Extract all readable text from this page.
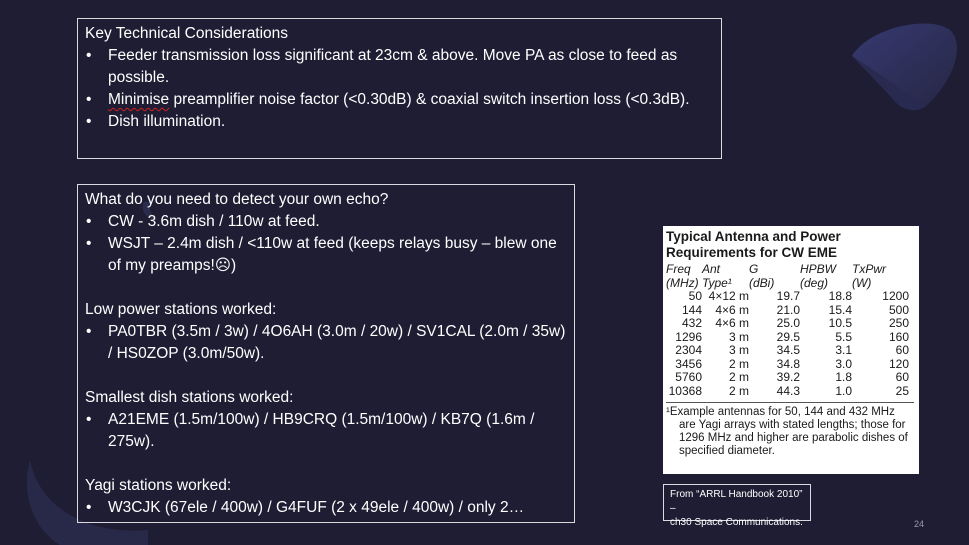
Key Technical Considerations

• Feeder transmission loss significant at 23cm & above. Move PA as close to feed as possible.
• Minimise preamplifier noise factor (<0.30dB) & coaxial switch insertion loss (<0.3dB).
• Dish illumination.

What do you need to detect your own echo?

• CW - 3.6m dish / 110w at feed.
• WSJT – 2.4m dish / <110w at feed (keeps relays busy – blew one of my preamps!☹)

Low power stations worked:

• PA0TBR (3.5m / 3w) / 4O6AH (3.0m / 20w) / SV1CAL (2.0m / 35w) / HS0ZOP (3.0m/50w).

Smallest dish stations worked:

• A21EME (1.5m/100w) / HB9CRQ (1.5m/100w) / KB7Q (1.6m / 275w).

Yagi stations worked:

• W3CJK (67ele / 400w) / G4FUF (2 x 49ele / 400w) / only 2…
Typical Antenna and Power
Requirements for CW EME
Freq	Ant	G	HPBW	TxPwr
(MHz)	Type¹	(dBi)	(deg)	(W)
50	4×12 m	19.7	18.8	1200
144	4×6 m	21.0	15.4	500
432	4×6 m	25.0	10.5	250
1296	3 m	29.5	5.5	160
2304	3 m	34.5	3.1	60
3456	2 m	34.8	3.0	120
5760	2 m	39.2	1.8	60
10368	2 m	44.3	1.0	25
¹Example antennas for 50, 144 and 432 MHz
are Yagi arrays with stated lengths; those for
1296 MHz and higher are parabolic dishes of
specified diameter.
From “ARRL Handbook 2010” –
ch30 Space Communications.	24
